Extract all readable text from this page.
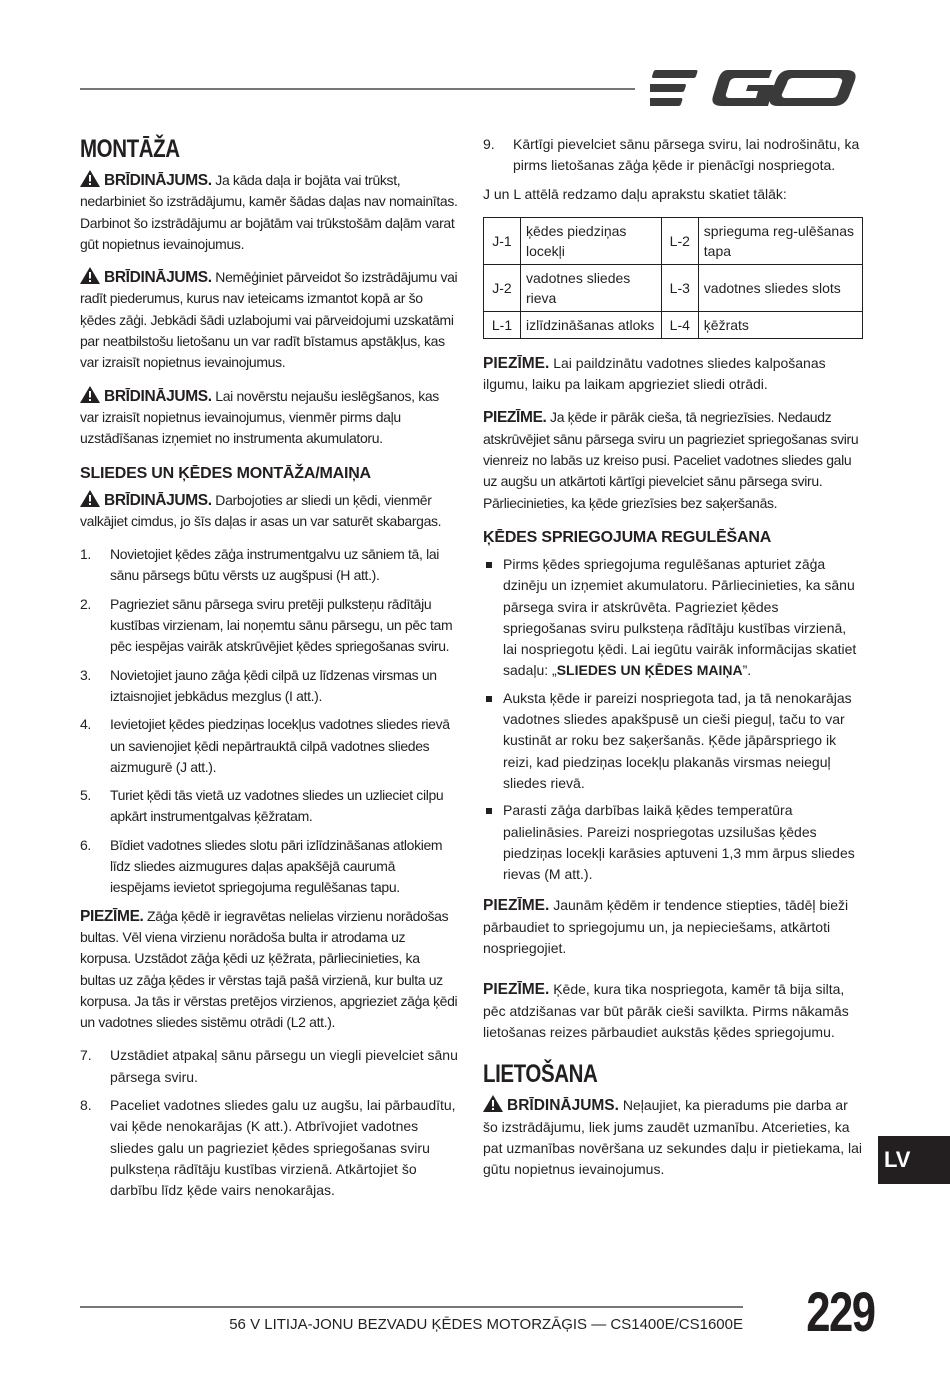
MONTĀŽA

BRĪDINĀJUMS. Ja kāda daļa ir bojāta vai trūkst, nedarbiniet šo izstrādājumu, kamēr šādas daļas nav nomainītas. Darbinot šo izstrādājumu ar bojātām vai trūkstošām daļām varat gūt nopietnus ievainojumus.

BRĪDINĀJUMS. Nemēģiniet pārveidot šo izstrādājumu vai radīt piederumus, kurus nav ieteicams izmantot kopā ar šo ķēdes zāģi. Jebkādi šādi uzlabojumi vai pārveidojumi uzskatāmi par neatbilstošu lietošanu un var radīt bīstamus apstākļus, kas var izraisīt nopietnus ievainojumus.

BRĪDINĀJUMS. Lai novērstu nejaušu ieslēgšanos, kas var izraisīt nopietnus ievainojumus, vienmēr pirms daļu uzstādīšanas izņemiet no instrumenta akumulatoru.

SLIEDES UN ĶĒDES MONTĀŽA/MAIŅA

BRĪDINĀJUMS. Darbojoties ar sliedi un ķēdi, vienmēr valkājiet cimdus, jo šīs daļas ir asas un var saturēt skabargas.

1. Novietojiet ķēdes zāģa instrumentgalvu uz sāniem tā, lai sānu pārsegs būtu vērsts uz augšpusi (H att.).
2. Pagrieziet sānu pārsega sviru pretēji pulksteņu rādītāju kustības virzienam, lai noņemtu sānu pārsegu, un pēc tam pēc iespējas vairāk atskrūvējiet ķēdes spriegošanas sviru.
3. Novietojiet jauno zāģa ķēdi cilpā uz līdzenas virsmas un iztaisnojiet jebkādus mezglus (I att.).
4. Ievietojiet ķēdes piedziņas locekļus vadotnes sliedes rievā un savienojiet ķēdi nepārtrauktā cilpā vadotnes sliedes aizmugurē (J att.).
5. Turiet ķēdi tās vietā uz vadotnes sliedes un uzlieciet cilpu apkārt instrumentgalvas ķēžratam.
6. Bīdiet vadotnes sliedes slotu pāri izlīdzināšanas atlokiem līdz sliedes aizmugures daļas apakšējā caurumā iespējams ievietot spriegojuma regulēšanas tapu.

PIEZĪME. Zāģa ķēdē ir iegravētas nelielas virzienu norādošas bultas. Vēl viena virzienu norādoša bulta ir atrodama uz korpusa. Uzstādot zāģa ķēdi uz ķēžrata, pārliecinieties, ka bultas uz zāģa ķēdes ir vērstas tajā pašā virzienā, kur bulta uz korpusa. Ja tās ir vērstas pretējos virzienos, apgrieziet zāģa ķēdi un vadotnes sliedes sistēmu otrādi (L2 att.).

7. Uzstādiet atpakaļ sānu pārsegu un viegli pievelciet sānu pārsega sviru.
8. Paceliet vadotnes sliedes galu uz augšu, lai pārbaudītu, vai ķēde nenokarājas (K att.). Atbrīvojiet vadotnes sliedes galu un pagrieziet ķēdes spriegošanas sviru pulksteņa rādītāju kustības virzienā. Atkārtojiet šo darbību līdz ķēde vairs nenokarājas.
9. Kārtīgi pievelciet sānu pārsega sviru, lai nodrošinātu, ka pirms lietošanas zāģa ķēde ir pienācīgi nospriegota.

J un L attēlā redzamo daļu aprakstu skatiet tālāk:

J-1	ķēdes piedziņas locekļi	L-2	sprieguma reg-ulēšanas tapa
J-2	vadotnes sliedes rieva	L-3	vadotnes sliedes slots
L-1	izlīdzināšanas atloks	L-4	ķēžrats

PIEZĪME. Lai paildzinātu vadotnes sliedes kalpošanas ilgumu, laiku pa laikam apgrieziet sliedi otrādi.

PIEZĪME. Ja ķēde ir pārāk cieša, tā negriezīsies. Nedaudz atskrūvējiet sānu pārsega sviru un pagrieziet spriegošanas sviru vienreiz no labās uz kreiso pusi. Paceliet vadotnes sliedes galu uz augšu un atkārtoti kārtīgi pievelciet sānu pārsega sviru. Pārliecinieties, ka ķēde griezīsies bez saķeršanās.

ĶĒDES SPRIEGOJUMA REGULĒŠANA
Pirms ķēdes spriegojuma regulēšanas apturiet zāģa dzinēju un izņemiet akumulatoru. Pārliecinieties, ka sānu pārsega svira ir atskrūvēta. Pagrieziet ķēdes spriegošanas sviru pulksteņa rādītāju kustības virzienā, lai nospriegotu ķēdi. Lai iegūtu vairāk informācijas skatiet sadaļu: „SLIEDES UN ĶĒDES MAIŅA”.
Auksta ķēde ir pareizi nospriegota tad, ja tā nenokarājas vadotnes sliedes apakšpusē un cieši pieguļ, taču to var kustināt ar roku bez saķeršanās. Ķēde jāpārspriego ik reizi, kad piedziņas locekļu plakanās virsmas neieguļ sliedes rievā.
Parasti zāģa darbības laikā ķēdes temperatūra palielināsies. Pareizi nospriegotas uzsilušas ķēdes piedziņas locekļi karāsies aptuveni 1,3 mm ārpus sliedes rievas (M att.).

PIEZĪME. Jaunām ķēdēm ir tendence stiepties, tādēļ bieži pārbaudiet to spriegojumu un, ja nepieciešams, atkārtoti nospriegojiet.

PIEZĪME. Ķēde, kura tika nospriegota, kamēr tā bija silta, pēc atdzišanas var būt pārāk cieši savilkta. Pirms nākamās lietošanas reizes pārbaudiet aukstās ķēdes spriegojumu.

LIETOŠANA

BRĪDINĀJUMS. Neļaujiet, ka pieradums pie darba ar šo izstrādājumu, liek jums zaudēt uzmanību. Atcerieties, ka pat uzmanības novēršana uz sekundes daļu ir pietiekama, lai gūtu nopietnus ievainojumus.	LV
56 V LITIJA-JONU BEZVADU ĶĒDES MOTORZĀĢIS — CS1400E/CS1600E 229
